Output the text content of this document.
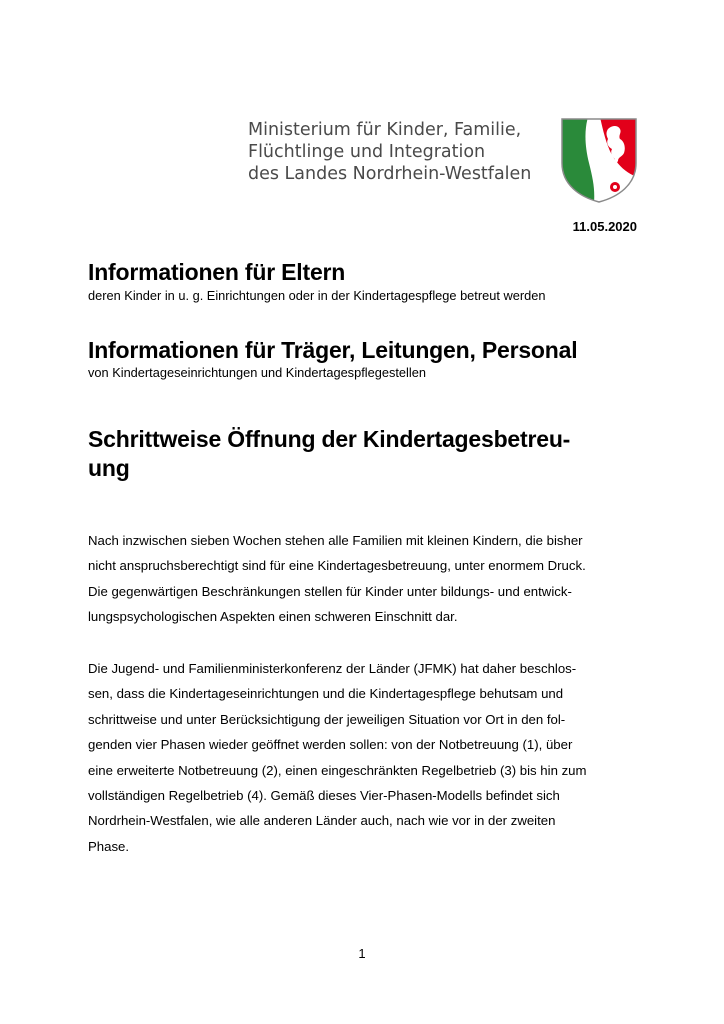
Ministerium für Kinder, Familie,
Flüchtlinge und Integration
des Landes Nordrhein-Westfalen
11.05.2020
Informationen für Eltern
deren Kinder in u. g. Einrichtungen oder in der Kindertagespflege betreut werden
Informationen für Träger, Leitungen, Personal
von Kindertageseinrichtungen und Kindertagespflegestellen
Schrittweise Öffnung der Kindertagesbetreu-
ung
Nach inzwischen sieben Wochen stehen alle Familien mit kleinen Kindern, die bisher
nicht anspruchsberechtigt sind für eine Kindertagesbetreuung, unter enormem Druck.
Die gegenwärtigen Beschränkungen stellen für Kinder unter bildungs- und entwick-
lungspsychologischen Aspekten einen schweren Einschnitt dar.
Die Jugend- und Familienministerkonferenz der Länder (JFMK) hat daher beschlos-
sen, dass die Kindertageseinrichtungen und die Kindertagespflege behutsam und
schrittweise und unter Berücksichtigung der jeweiligen Situation vor Ort in den fol-
genden vier Phasen wieder geöffnet werden sollen: von der Notbetreuung (1), über
eine erweiterte Notbetreuung (2), einen eingeschränkten Regelbetrieb (3) bis hin zum
vollständigen Regelbetrieb (4). Gemäß dieses Vier-Phasen-Modells befindet sich
Nordrhein-Westfalen, wie alle anderen Länder auch, nach wie vor in der zweiten
Phase.
1
